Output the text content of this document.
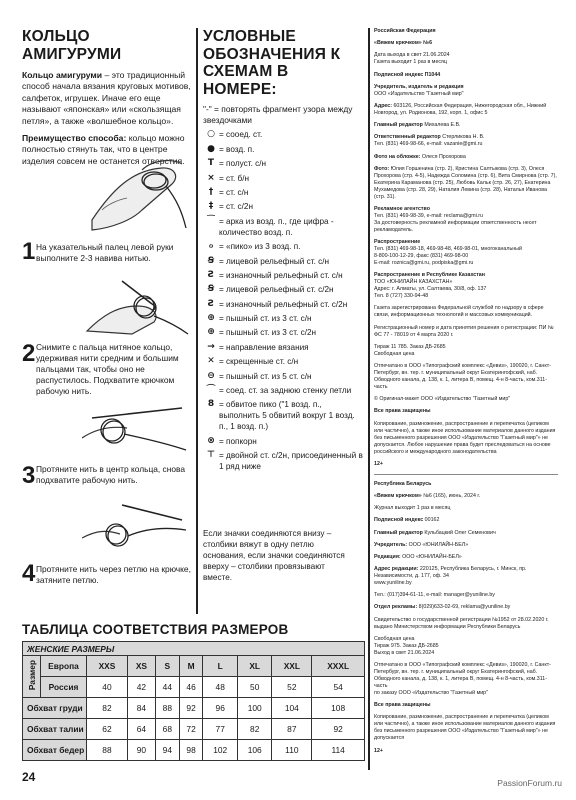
КОЛЬЦО АМИГУРУМИ
Кольцо амигуруми – это традиционный способ начала вязания круговых мотивов, салфеток, игрушек. Иначе его еще называют «японская» или «скользящая петля», а также «волшебное кольцо».
Преимущество способа: кольцо можно полностью стянуть так, что в центре изделия совсем не останется отверстия.
1 На указательный палец левой руки выполните 2-3 навива нитью.
2 Снимите с пальца нитяное кольцо, удерживая нити средним и большим пальцами так, чтобы оно не распустилось. Подхватите крючком рабочую нить.
3 Протяните нить в центр кольца, снова подхватите рабочую нить.
4 Протяните нить через петлю на крючке, затяните петлю.
УСЛОВНЫЕ ОБОЗНАЧЕНИЯ К СХЕМАМ В НОМЕРЕ:
"-" = повторять фрагмент узора между звездочками
○ = сооед. ст.
● = возд. п.
T = полуст. с/н
× = ст. б/н
† = ст. с/н
‡ = ст. с/2н
⁀ = арка из возд. п., где цифра - количество возд. п.
ℴ = «пико» из 3 возд. п.
Ꞩ = лицевой рельефный ст. с/н
Ƨ = изнаночный рельефный ст. с/н
Ꞩ = лицевой рельефный ст. с/2н
Ƨ = изнаночный рельефный ст. с/2н
⊕ = пышный ст. из 3 ст. с/н
⊕ = пышный ст. из 3 ст. с/2н
→ = направление вязания
✕ = скрещенные ст. с/н
⊖ = пышный ст. из 5 ст. с/н
⌒ = соед. ст. за заднюю стенку петли
8 = обвитое пико ("1 возд. п., выполнить 5 обвитий вокруг 1 возд. п., 1 возд. п.)
⊗ = попкорн
⊤ = двойной ст. с/2н, присоединенный в 1 ряд ниже
Если значки соединяются внизу – столбики вяжут в одну петлю основания, если значки соединяются вверху – столбики провязывают вместе.
Российская Федерация
«Вяжем крючком» №6
Дата выхода в свет 21.06.2024
Газета выходит 1 раз в месяц
Подписной индекс П1044
Учредитель, издатель и редакция
ООО «Издательство "Газетный мир"
Адрес: 603126, Российская Федерация, Нижегородская обл., Нижний Новгород, ул. Родионова, 192, корп. 1, офис 5
Главный редактор Михалева Е.В.
Ответственный редактор Стерликова Н. В.
Тел. (831) 469-98-66, e-mail: vazanie@gmi.ru
Фото на обложке: Олеся Прохорова
Фото: Юлия Горшенина (стр. 2), Кристина Салтыкова (стр. 3), Олеся Прохорова (стр. 4-5), Надежда Соломина (стр. 6), Вита Смирнова (стр. 7), Екатерина Караманова (стр. 25), Любовь Кальк (стр. 26, 27), Екатерина Мухамедова (стр. 28, 29), Наталия Левина (стр. 28), Наталья Иванова (стр. 31).
Рекламное агентство
Тел. (831) 469-98-39, e-mail: reclama@gmi.ru
За достоверность рекламной информации ответственность несет рекламодатель.
Распространение
Тел. (831) 469-98-18, 469-98-48, 469-98-01, многоканальный
8-800-100-12-29, факс (831) 469-98-00
E-mail: roznica@gmi.ru, podpiska@gmi.ru
Распространение в Республике Казахстан
ТОО «ЮНИЛАЙН КАЗАХСТАН»
Адрес: г. Алматы, ул. Салтаева, 30/8, оф. 137
Тел. 8 (727) 330-94-48
Газета зарегистрирована Федеральной службой по надзору в сфере связи, информационных технологий и массовых коммуникаций.
Регистрационный номер и дата принятия решения о регистрации: ПИ № ФС 77 - 78019 от 4 марта 2020 г.
Тираж 11 785. Заказ ДБ-2685
Свободная цена
Отпечатано в ООО «Типографский комплекс «Девиз», 190020, г. Санкт-Петербург, вн. тер. г. муниципальный округ Екатерингофский, наб. Обводного канала, д. 138, к. 1, литера В, помещ. 4-н 8-часть, ком.311-часть
© Оригинал-макет ООО «Издательство "Газетный мир"
Все права защищены
Копирование, размножение, распространение и перепечатка (целиком или частично), а также иное использование материалов данного издания без письменного разрешения ООО «Издательство "Газетный мир"» не допускается. Любое нарушение права будет преследоваться на основе российского и международного законодательства
12+
Республика Беларусь
«Вяжем крючком» №6 (165), июнь, 2024 г.
Журнал выходит 1 раз в месяц
Подписной индекс 00162
Главный редактор Кульбацкий Олег Семенович
Учредитель: ООО «ЮНИЛАЙН-БЕЛ»
Редакция: ООО «ЮНИЛАЙН-БЕЛ»
Адрес редакции: 220125, Республика Беларусь, г. Минск, пр. Независимости, д. 177, оф. 34
www.yuniline.by
Тел.: (017)394-61-11, e-mail: manager@yuniline.by
Отдел рекламы: 8(029)633-02-69, reklama@yuniline.by
Свидетельство о государственной регистрации №1952 от 28.02.2020 г. выдано Министерством информации Республики Беларусь
Свободная цена
Тираж 975. Заказ ДБ-2685
Выход в свет 21.06.2024
Отпечатано в ООО «Типографский комплекс «Девиз», 190020, г. Санкт-Петербург, вн. тер. г. муниципальный округ Екатерингофский, наб. Обводного канала, д. 138, к. 1, литера В, помещ. 4-н 8-часть, ком.311-часть
по заказу ООО «Издательство "Газетный мир"
Все права защищены
Копирование, размножение, распространение и перепечатка (целиком или частично), а также иное использование материалов данного издания без письменного разрешения ООО «Издательство "Газетный мир"» не допускается
12+
ТАБЛИЦА СООТВЕТСТВИЯ РАЗМЕРОВ
ЖЕНСКИЕ РАЗМЕРЫ									
Размер	Европа	XXS	XS	S	M	L	XL	XXL	XXXL
	Россия	40	42	44	46	48	50	52	54
Обхват груди		82	84	88	92	96	100	104	108
Обхват талии		62	64	68	72	77	82	87	92
Обхват бедер		88	90	94	98	102	106	110	114
24	PassionForum.ru
